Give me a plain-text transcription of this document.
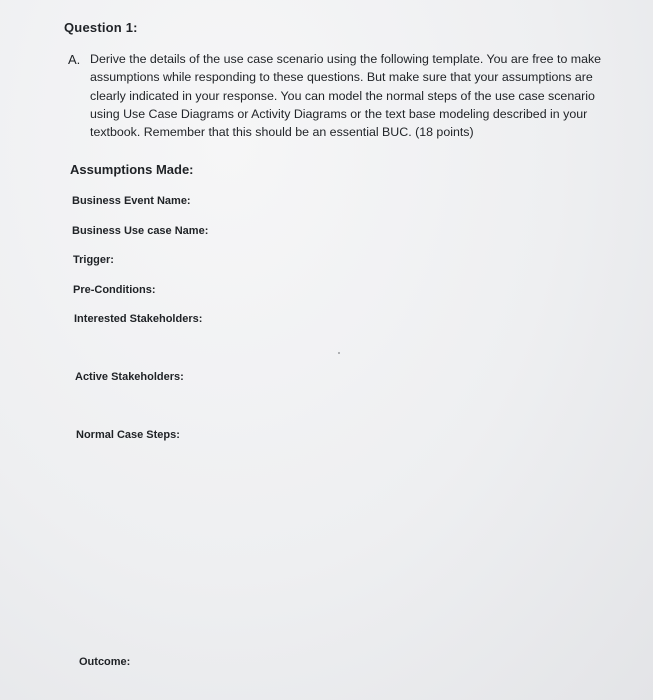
Question 1:
A. Derive the details of the use case scenario using the following template. You are free to make assumptions while responding to these questions. But make sure that your assumptions are clearly indicated in your response. You can model the normal steps of the use case scenario using Use Case Diagrams or Activity Diagrams or the text base modeling described in your textbook. Remember that this should be an essential BUC. (18 points)
Assumptions Made:
Business Event Name:
Business Use case Name:
Trigger:
Pre-Conditions:
Interested Stakeholders:
Active Stakeholders:
Normal Case Steps:
Outcome:
